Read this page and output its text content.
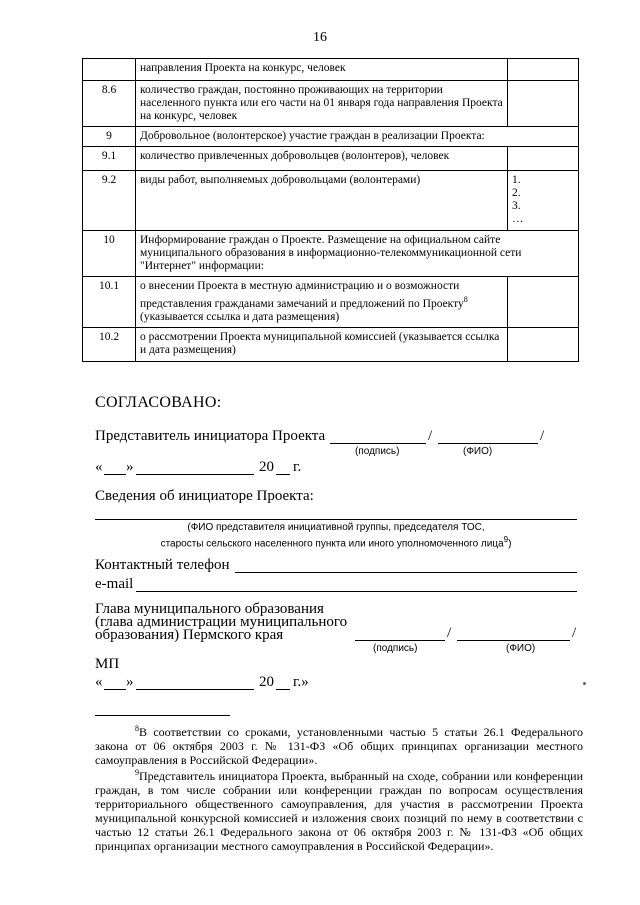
16
	направления Проекта на конкурс, человек	
8.6	количество граждан, постоянно проживающих на территории населенного пункта или его части на 01 января года направления Проекта на конкурс, человек	
9	Добровольное (волонтерское) участие граждан в реализации Проекта:	
9.1	количество привлеченных добровольцев (волонтеров), человек	
9.2	виды работ, выполняемых добровольцами (волонтерами)	1.
2.
3.
…

10	Информирование граждан о Проекте. Размещение на официальном сайте муниципального образования в информационно-телекоммуникационной сети "Интернет" информации:	
10.1	о внесении Проекта в местную администрацию и о возможности представления гражданами замечаний и предложений по Проекту$^8$ (указывается ссылка и дата размещения)	
10.2	о рассмотрении Проекта муниципальной комиссией (указывается ссылка и дата размещения)	
СОГЛАСОВАНО:
Представитель инициатора Проекта	/	/
(подпись)	(ФИО)
« »	20 г.
Сведения об инициаторе Проекта:
(ФИО представителя инициативной группы, председателя ТОС,
старосты сельского населенного пункта или иного уполномоченного лица$^9$)
Контактный телефон
e-mail
Глава муниципального образования
(глава администрации муниципального
образования) Пермского края	/	/
(подпись)	(ФИО)
МП
« »	20 г.»

$^8$В соответствии со сроками, установленными частью 5 статьи 26.1 Федерального закона от 06 октября 2003 г. № 131-ФЗ «Об общих принципах организации местного самоуправления в Российской Федерации».

$^9$Представитель инициатора Проекта, выбранный на сходе, собрании или конференции граждан, в том числе собрании или конференции граждан по вопросам осуществления территориального общественного самоуправления, для участия в рассмотрении Проекта муниципальной конкурсной комиссией и изложения своих позиций по нему в соответствии с частью 12 статьи 26.1 Федерального закона от 06 октября 2003 г. № 131-ФЗ «Об общих принципах организации местного самоуправления в Российской Федерации».
